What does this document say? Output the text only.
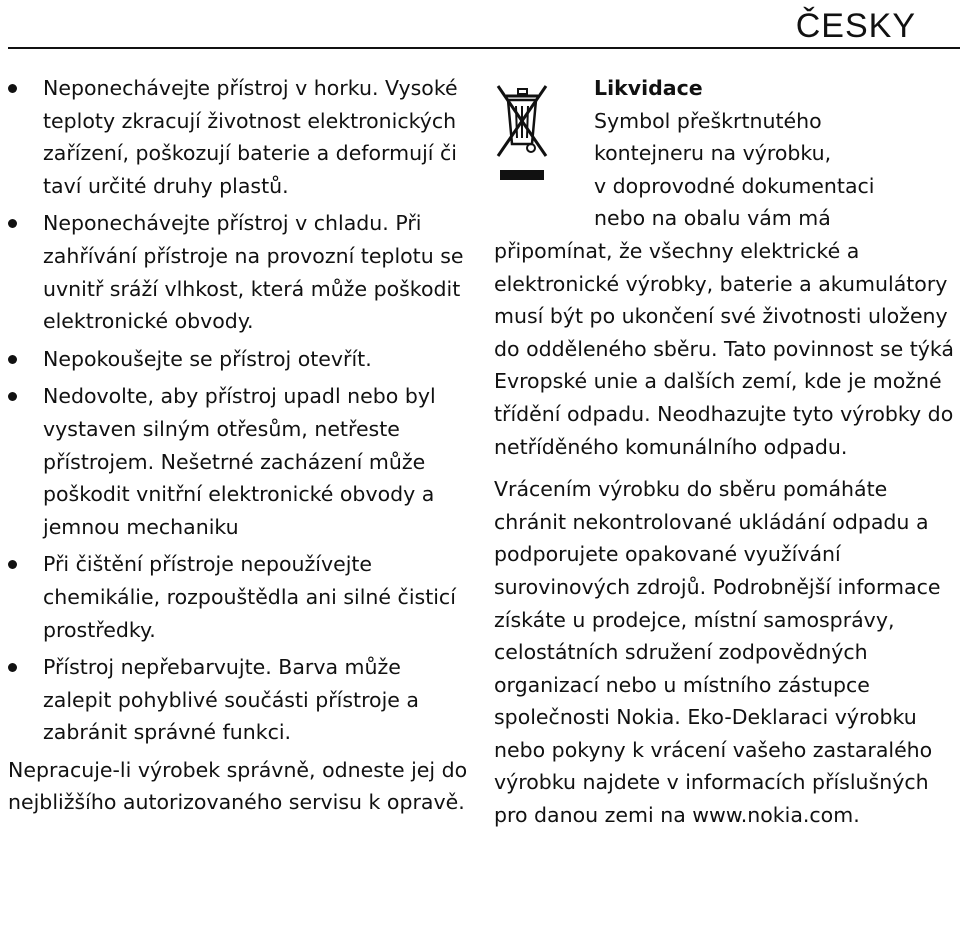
ČESKY
Neponechávejte přístroj v horku. Vysoké teploty zkracují životnost elektronických zařízení, poškozují baterie a deformují či taví určité druhy plastů.
Neponechávejte přístroj v chladu. Při zahřívání přístroje na provozní teplotu se uvnitř sráží vlhkost, která může poškodit elektronické obvody.
Nepokoušejte se přístroj otevřít.
Nedovolte, aby přístroj upadl nebo byl vystaven silným otřesům, netřeste přístrojem. Nešetrné zacházení může poškodit vnitřní elektronické obvody a jemnou mechaniku
Při čištění přístroje nepoužívejte chemikálie, rozpouštědla ani silné čisticí prostředky.
Přístroj nepřebarvujte. Barva může zalepit pohyblivé součásti přístroje a zabránit správné funkci.

Nepracuje-li výrobek správně, odneste jej do nejbližšího autorizovaného servisu k opravě.

Likvidace
Symbol přeškrtnutého
kontejneru na výrobku,
v doprovodné dokumentaci
nebo na obalu vám má

připomínat, že všechny elektrické a elektronické výrobky, baterie a akumulátory musí být po ukončení své životnosti uloženy do odděleného sběru. Tato povinnost se týká Evropské unie a dalších zemí, kde je možné třídění odpadu. Neodhazujte tyto výrobky do netříděného komunálního odpadu.

Vrácením výrobku do sběru pomáháte chránit nekontrolované ukládání odpadu a podporujete opakované využívání surovinových zdrojů. Podrobnější informace získáte u prodejce, místní samosprávy, celostátních sdružení zodpovědných organizací nebo u místního zástupce společnosti Nokia. Eko-Deklaraci výrobku nebo pokyny k vrácení vašeho zastaralého výrobku najdete v informacích příslušných pro danou zemi na www.nokia.com.
